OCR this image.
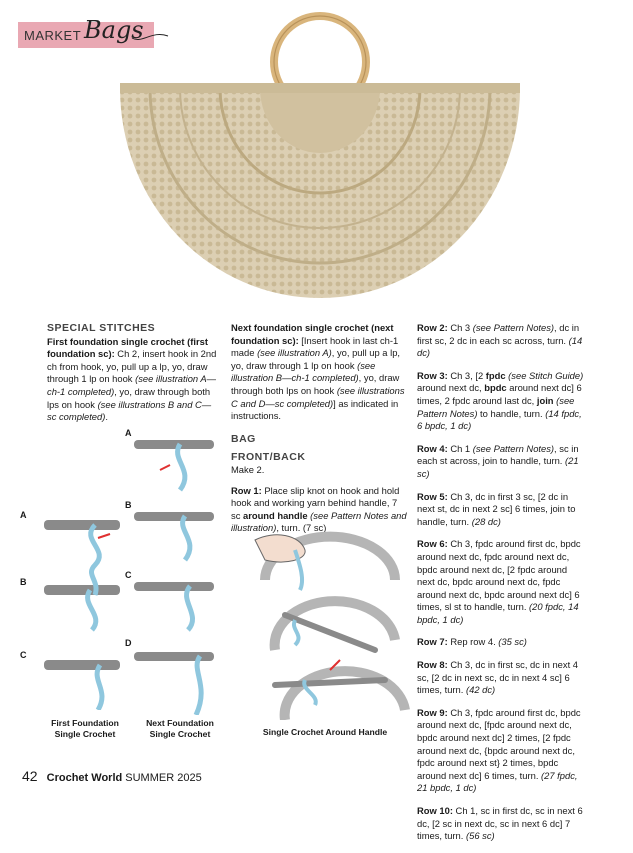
MARKET Bags
SPECIAL STITCHES

First foundation single crochet (first foundation sc): Ch 2, insert hook in 2nd ch from hook, yo, pull up a lp, yo, draw through 1 lp on hook (see illustration A—ch-1 completed), yo, draw through both lps on hook (see illustrations B and C—sc completed).

Next foundation single crochet (next foundation sc): [Insert hook in last ch-1 made (see illustration A), yo, pull up a lp, yo, draw through 1 lp on hook (see illustration B—ch-1 completed), yo, draw through both lps on hook (see illustrations C and D—sc completed)] as indicated in instructions.

BAG
FRONT/BACK

Make 2.

Row 1: Place slip knot on hook and hold hook and working yarn behind handle, 7 sc around handle (see Pattern Notes and illustration), turn. (7 sc)

Row 2: Ch 3 (see Pattern Notes), dc in first sc, 2 dc in each sc across, turn. (14 dc)

Row 3: Ch 3, [2 fpdc (see Stitch Guide) around next dc, bpdc around next dc] 6 times, 2 fpdc around last dc, join (see Pattern Notes) to handle, turn. (14 fpdc, 6 bpdc, 1 dc)

Row 4: Ch 1 (see Pattern Notes), sc in each st across, join to handle, turn. (21 sc)

Row 5: Ch 3, dc in first 3 sc, [2 dc in next st, dc in next 2 sc] 6 times, join to handle, turn. (28 dc)

Row 6: Ch 3, fpdc around first dc, bpdc around next dc, fpdc around next dc, bpdc around next dc, [2 fpdc around next dc, bpdc around next dc, fpdc around next dc, bpdc around next dc] 6 times, sl st to handle, turn. (20 fpdc, 14 bpdc, 1 dc)

Row 7: Rep row 4. (35 sc)

Row 8: Ch 3, dc in first sc, dc in next 4 sc, [2 dc in next sc, dc in next 4 sc] 6 times, turn. (42 dc)

Row 9: Ch 3, fpdc around first dc, bpdc around next dc, [fpdc around next dc, bpdc around next dc] 2 times, [2 fpdc around next dc, {bpdc around next dc, fpdc around next st} 2 times, bpdc around next dc] 6 times, turn. (27 fpdc, 21 bpdc, 1 dc)

Row 10: Ch 1, sc in first dc, sc in next 6 dc, [2 sc in next dc, sc in next 6 dc] 7 times, turn. (56 sc)

A
B
C
A
B
C
D
First Foundation
Single Crochet
Next Foundation
Single Crochet	Single Crochet Around Handle
42 Crochet World SUMMER 2025
